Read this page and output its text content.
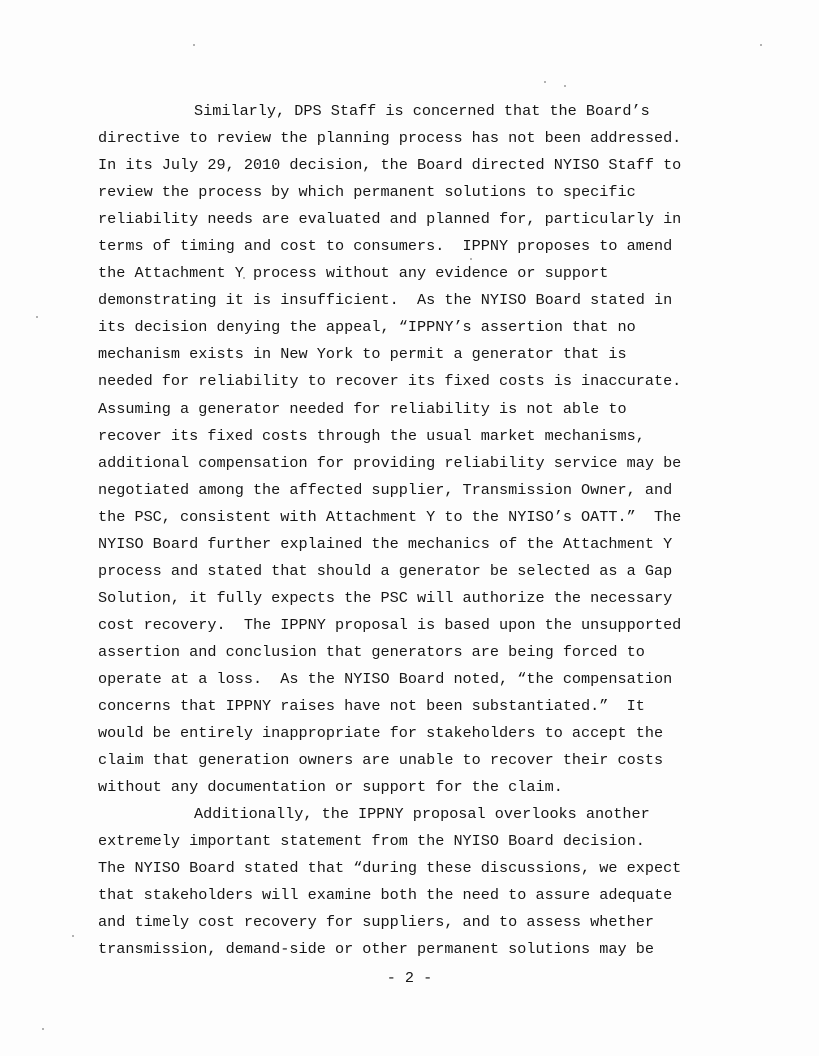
Similarly, DPS Staff is concerned that the Board’s
directive to review the planning process has not been addressed.
In its July 29, 2010 decision, the Board directed NYISO Staff to
review the process by which permanent solutions to specific
reliability needs are evaluated and planned for, particularly in
terms of timing and cost to consumers.  IPPNY proposes to amend
the Attachment Y process without any evidence or support
demonstrating it is insufficient.  As the NYISO Board stated in
its decision denying the appeal, “IPPNY’s assertion that no
mechanism exists in New York to permit a generator that is
needed for reliability to recover its fixed costs is inaccurate.
Assuming a generator needed for reliability is not able to
recover its fixed costs through the usual market mechanisms,
additional compensation for providing reliability service may be
negotiated among the affected supplier, Transmission Owner, and
the PSC, consistent with Attachment Y to the NYISO’s OATT.”  The
NYISO Board further explained the mechanics of the Attachment Y
process and stated that should a generator be selected as a Gap
Solution, it fully expects the PSC will authorize the necessary
cost recovery.  The IPPNY proposal is based upon the unsupported
assertion and conclusion that generators are being forced to
operate at a loss.  As the NYISO Board noted, “the compensation
concerns that IPPNY raises have not been substantiated.”  It
would be entirely inappropriate for stakeholders to accept the
claim that generation owners are unable to recover their costs
without any documentation or support for the claim.
Additionally, the IPPNY proposal overlooks another
extremely important statement from the NYISO Board decision.
The NYISO Board stated that “during these discussions, we expect
that stakeholders will examine both the need to assure adequate
and timely cost recovery for suppliers, and to assess whether
transmission, demand-side or other permanent solutions may be
- 2 -
